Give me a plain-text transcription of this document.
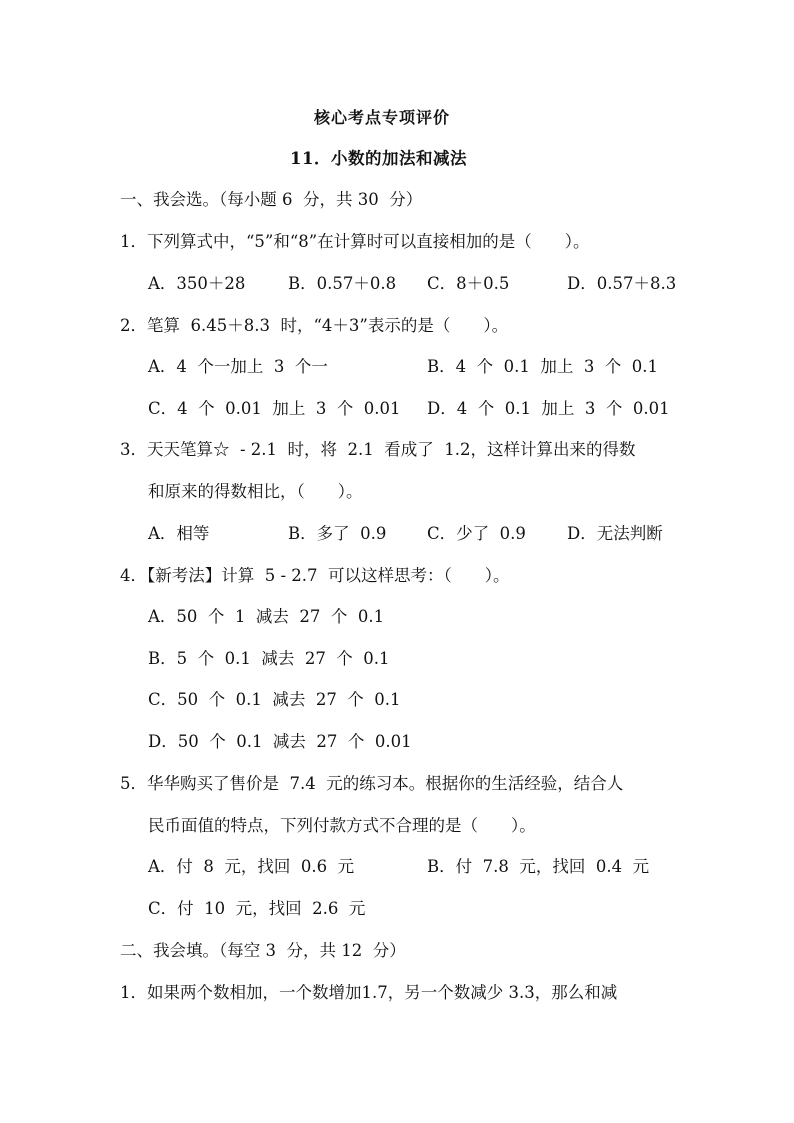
核心考点专项评价
11．小数的加法和减法
一、我会选。（每小题 6  分，共 30  分）
1．下列算式中，“5”和“8”在计算时可以直接相加的是（　　）。
A．350＋28	B．0.57＋0.8 C．8＋0.5	D．0.57＋8.3
2．笔算  6.45＋8.3  时，“4＋3”表示的是（　　）。
A．4  个一加上  3  个一	B．4  个  0.1  加上  3  个  0.1
C．4  个  0.01  加上  3  个  0.01 D．4  个  0.1  加上  3  个  0.01
3．天天笔算☆  - 2.1  时，将  2.1  看成了  1.2，这样计算出来的得数
和原来的得数相比，（　　）。
A．相等	B．多了  0.9 C．少了  0.9 D．无法判断
4．【新考法】计算  5 - 2.7  可以这样思考：（　　）。
A．50  个  1  减去  27  个  0.1
B．5  个  0.1  减去  27  个  0.1
C．50  个  0.1  减去  27  个  0.1
D．50  个  0.1  减去  27  个  0.01
5．华华购买了售价是  7.4  元的练习本。根据你的生活经验，结合人
民币面值的特点，下列付款方式不合理的是（　　）。
A．付  8  元，找回  0.6  元	B．付  7.8  元，找回  0.4  元
C．付  10  元，找回  2.6  元
二、我会填。（每空 3  分，共 12  分）
1．如果两个数相加，一个数增加1.7，另一个数减少 3.3，那么和减
